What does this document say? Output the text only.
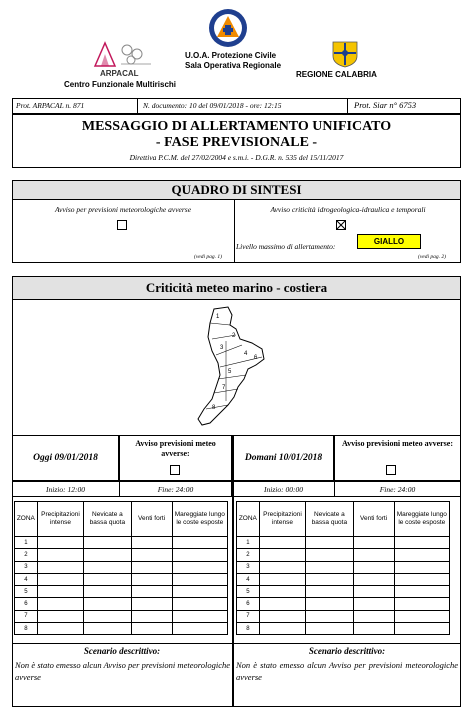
U.O.A. Protezione Civile
Sala Operativa Regionale
ARPACAL
Centro Funzionale Multirischi
REGIONE CALABRIA
Prot. ARPACAL n. 871	N. documento: 10 del 09/01/2018 - ore: 12:15	Prot. Siar n° 6753
MESSAGGIO DI ALLERTAMENTO UNIFICATO
- FASE PREVISIONALE -
Direttiva P.C.M. del 27/02/2004 e s.m.i. - D.G.R. n. 535 del 15/11/2017
QUADRO DI SINTESI
Avviso per previsioni meteorologiche avverse
(vedi pag. 1)
Avviso criticità idrogeologica-idraulica e temporali
Livello massimo di allertamento:
GIALLO
(vedi pag. 2)
Criticità meteo marino - costiera
1
2
3
4
5
6
7
8
Oggi 09/01/2018
Avviso previsioni meteo avverse:
Inizio: 12:00	Fine: 24:00
Domani 10/01/2018
Avviso previsioni meteo avverse:
Inizio: 00:00	Fine: 24:00
ZONA	Precipitazioni intense	Nevicate a bassa quota	Venti forti	Mareggiate lungo le coste esposte
1				
2				
3				
4				
5				
6				
7				
8				
ZONA	Precipitazioni intense	Nevicate a bassa quota	Venti forti	Mareggiate lungo le coste esposte
1				
2				
3				
4				
5				
6				
7				
8				
Scenario descrittivo:
Non è stato emesso alcun Avviso per previsioni meteorologiche avverse
Scenario descrittivo:
Non è stato emesso alcun Avviso per previsioni meteorologiche avverse
